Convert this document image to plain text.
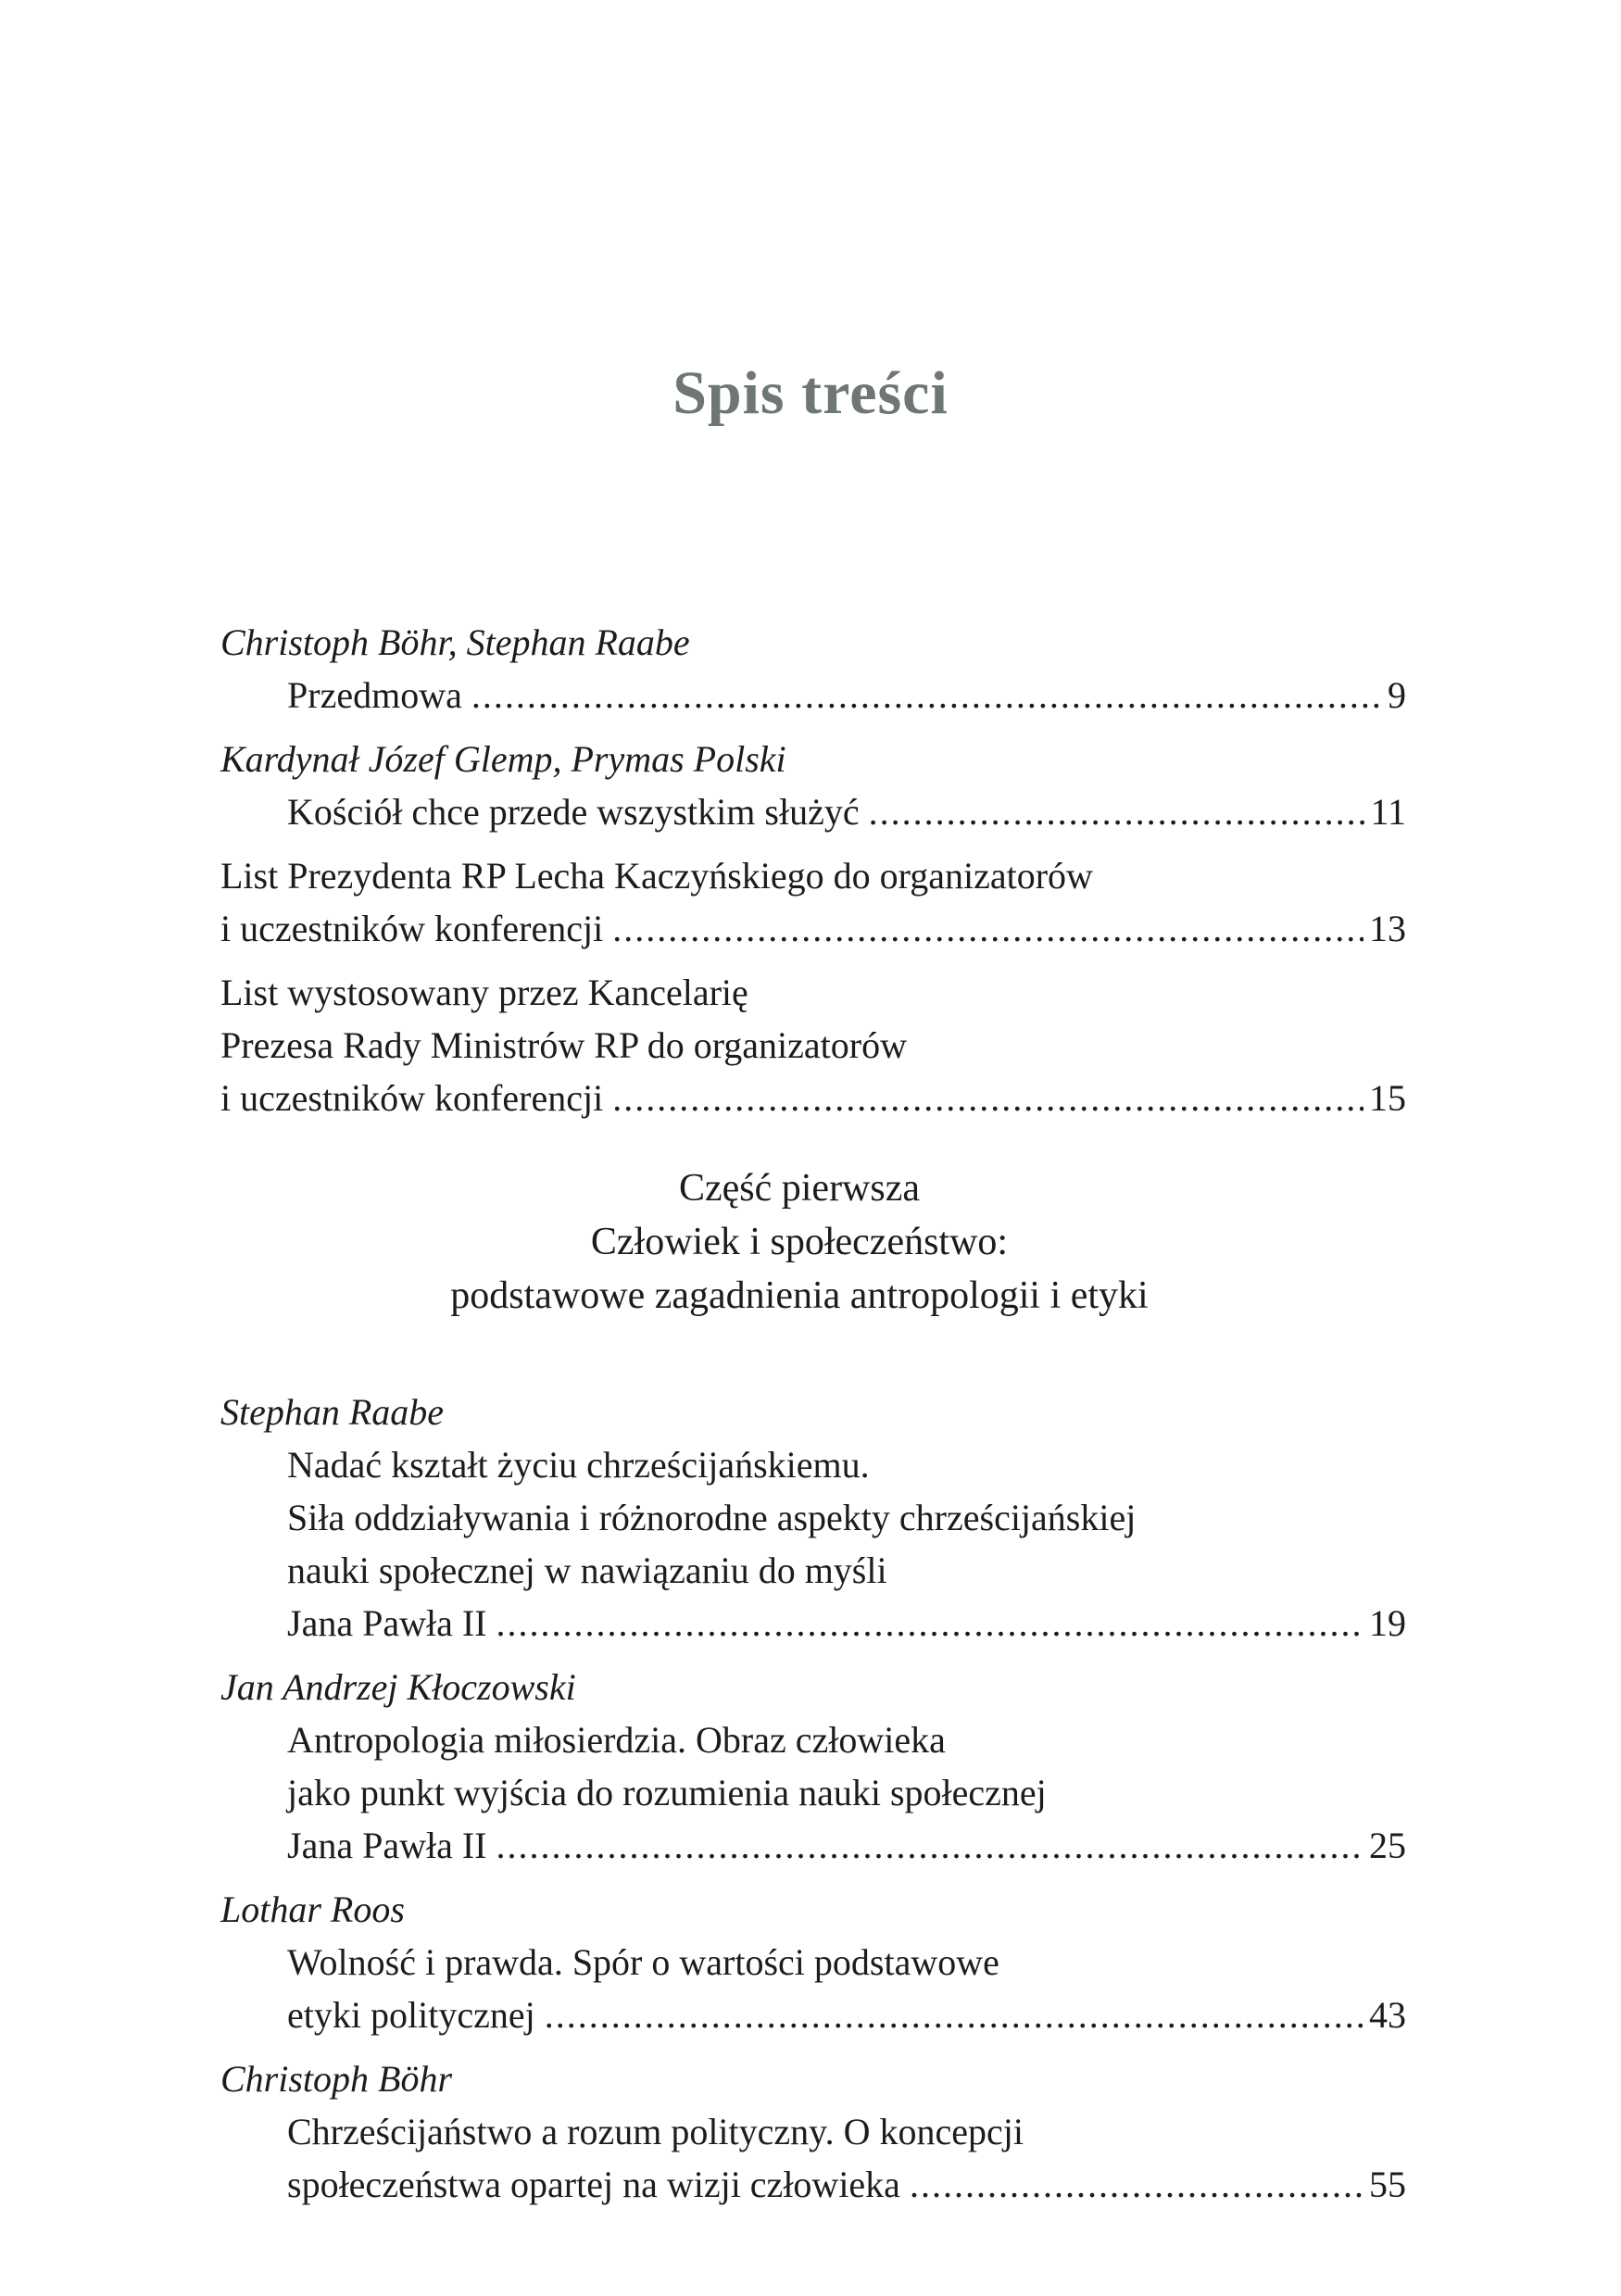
Spis treści
Christoph Böhr, Stephan Raabe
Przedmowa . . .	9
Kardynał Józef Glemp, Prymas Polski
Kościół chce przede wszystkim służyć . . .	11
List Prezydenta RP Lecha Kaczyńskiego do organizatorów
i uczestników konferencji . . .	13
List wystosowany przez Kancelarię
Prezesa Rady Ministrów RP do organizatorów
i uczestników konferencji . . .	15
Część pierwsza
Człowiek i społeczeństwo:
podstawowe zagadnienia antropologii i etyki
Stephan Raabe
Nadać kształt życiu chrześcijańskiemu.
Siła oddziaływania i różnorodne aspekty chrześcijańskiej
nauki społecznej w nawiązaniu do myśli
Jana Pawła II . . .	19
Jan Andrzej Kłoczowski
Antropologia miłosierdzia. Obraz człowieka
jako punkt wyjścia do rozumienia nauki społecznej
Jana Pawła II . . .	25
Lothar Roos
Wolność i prawda. Spór o wartości podstawowe
etyki politycznej . . .	43
Christoph Böhr
Chrześcijaństwo a rozum polityczny. O koncepcji
społeczeństwa opartej na wizji człowieka . . .	55
